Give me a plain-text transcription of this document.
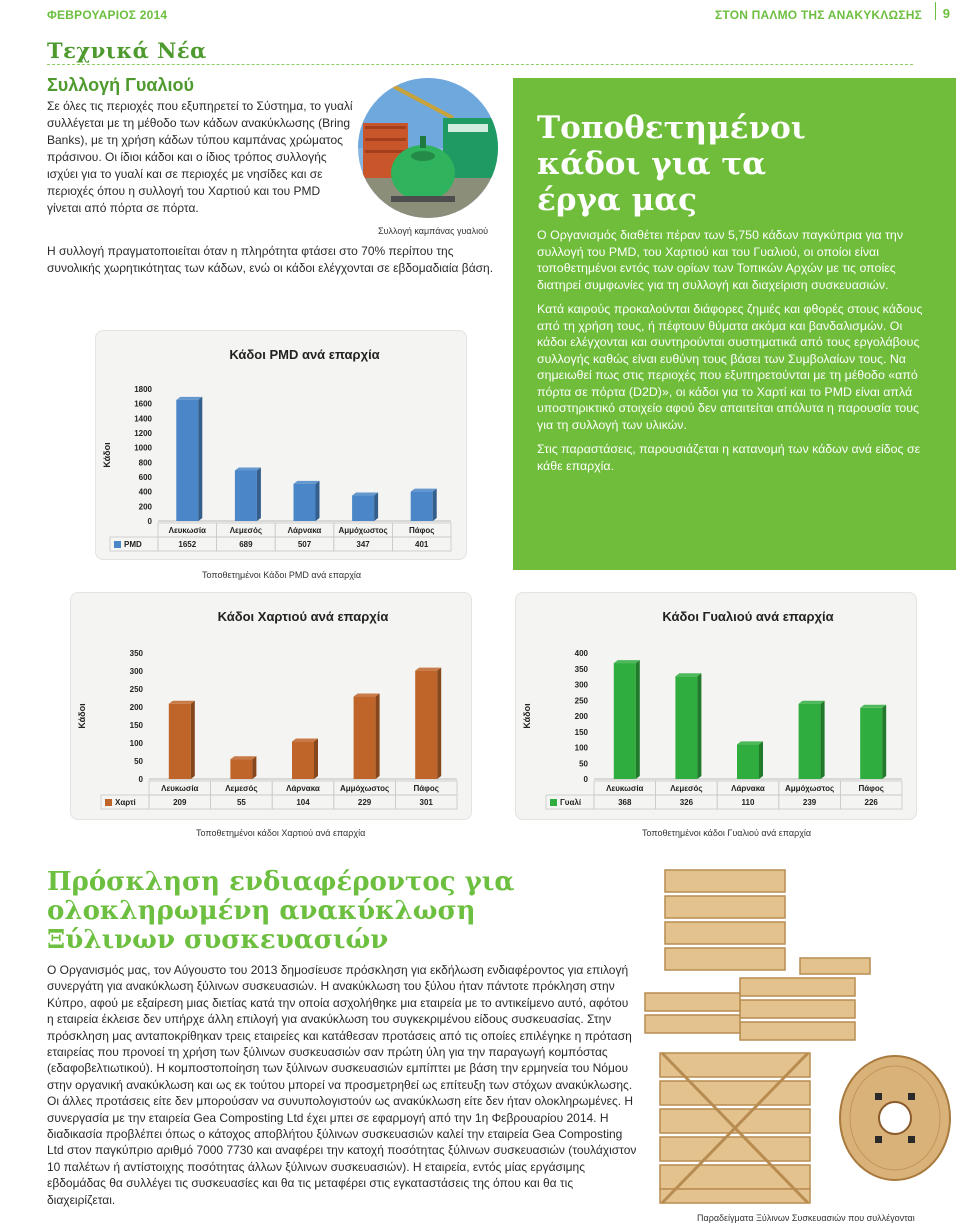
ΦΕΒΡΟΥΑΡΙΟΣ 2014	ΣΤΟΝ ΠΑΛΜΟ ΤΗΣ ΑΝΑΚΥΚΛΩΣΗΣ 9
Τεχνικά Νέα
Συλλογή Γυαλιού
Σε όλες τις περιοχές που εξυπηρετεί το Σύστημα, το γυαλί συλλέγεται με τη μέθοδο των κάδων ανακύκλωσης (Bring Banks), με τη χρήση κάδων τύπου καμπάνας χρώματος πράσινου. Οι ίδιοι κάδοι και ο ίδιος τρόπος συλλογής ισχύει για το γυαλί και σε περιοχές με νησίδες και σε περιοχές όπου η συλλογή του Χαρτιού και του PMD γίνεται από πόρτα σε πόρτα.
Η συλλογή πραγματοποιείται όταν η πληρότητα φτάσει στο 70% περίπου της συνολικής χωρητικότητας των κάδων, ενώ οι κάδοι ελέγχονται σε εβδομαδιαία βάση.
Συλλογή καμπάνας γυαλιού
Τοποθετημένοι κάδοι για τα έργα μας

Ο Οργανισμός διαθέτει πέραν των 5,750 κάδων παγκύπρια για την συλλογή του PMD, του Χαρτιού και του Γυαλιού, οι οποίοι είναι τοποθετημένοι εντός των ορίων των Τοπικών Αρχών με τις οποίες διατηρεί συμφωνίες για τη συλλογή και διαχείριση συσκευασιών.

Κατά καιρούς προκαλούνται διάφορες ζημιές και φθορές στους κάδους από τη χρήση τους, ή πέφτουν θύματα ακόμα και βανδαλισμών. Οι κάδοι ελέγχονται και συντηρούνται συστηματικά από τους εργολάβους συλλογής καθώς είναι ευθύνη τους βάσει των Συμβολαίων τους. Να σημειωθεί πως στις περιοχές που εξυπηρετούνται με τη μέθοδο «από πόρτα σε πόρτα (D2D)», οι κάδοι για το Χαρτί και το PMD είναι απλά υποστηρικτικό στοιχείο αφού δεν απαιτείται απόλυτα η παρουσία τους για τη συλλογή των υλικών.

Στις παραστάσεις, παρουσιάζεται η κατανομή των κάδων ανά είδος σε κάθε επαρχία.

Κάδοι PMD ανά επαρχία
Κάδοι
0
200
400
600
800
1000
1200
1400
1600
1800
Λευκωσία
1652
Λεμεσός
689
Λάρνακα
507
Αμμόχωστος
347
Πάφος
401
PMD
Τοποθετημένοι Κάδοι PMD ανά επαρχία
Κάδοι Χαρτιού ανά επαρχία
Κάδοι
0
50
100
150
200
250
300
350
Λευκωσία
209
Λεμεσός
55
Λάρνακα
104
Αμμόχωστος
229
Πάφος
301
Χαρτί
Τοποθετημένοι κάδοι Χαρτιού ανά επαρχία
Κάδοι Γυαλιού ανά επαρχία
Κάδοι
0
50
100
150
200
250
300
350
400
Λευκωσία
368
Λεμεσός
326
Λάρνακα
110
Αμμόχωστος
239
Πάφος
226
Γυαλί
Τοποθετημένοι κάδοι Γυαλιού ανά επαρχία
Πρόσκληση ενδιαφέροντος για ολοκληρωμένη ανακύκλωση Ξύλινων συσκευασιών
Ο Οργανισμός μας, τον Αύγουστο του 2013 δημοσίευσε πρόσκληση για εκδήλωση ενδιαφέροντος για επιλογή συνεργάτη για ανακύκλωση ξύλινων συσκευασιών. Η ανακύκλωση του ξύλου ήταν πάντοτε πρόκληση στην Κύπρο, αφού με εξαίρεση μιας διετίας κατά την οποία ασχολήθηκε μια εταιρεία με το αντικείμενο αυτό, αφότου η εταιρεία έκλεισε δεν υπήρχε άλλη επιλογή για ανακύκλωση του συγκεκριμένου είδους συσκευασίας. Στην πρόσκληση μας ανταποκρίθηκαν τρεις εταιρείες και κατάθεσαν προτάσεις από τις οποίες επιλέγηκε η πρόταση εταιρείας που προνοεί τη χρήση των ξύλινων συσκευασιών σαν πρώτη ύλη για την παραγωγή κομπόστας (εδαφοβελτιωτικού). Η κομποστοποίηση των ξύλινων συσκευασιών εμπίπτει με βάση την ερμηνεία του Νόμου στην οργανική ανακύκλωση και ως εκ τούτου μπορεί να προσμετρηθεί ως επίτευξη των στόχων ανακύκλωσης. Οι άλλες προτάσεις είτε δεν μπορούσαν να συνυπολογιστούν ως ανακύκλωση είτε δεν ήταν ολοκληρωμένες. Η συνεργασία με την εταιρεία Gea Composting Ltd έχει μπει σε εφαρμογή από την 1η Φεβρουαρίου 2014. Η διαδικασία προβλέπει όπως ο κάτοχος αποβλήτου ξύλινων συσκευασιών καλεί την εταιρεία Gea Composting Ltd στον παγκύπριο αριθμό 7000 7730 και αναφέρει την κατοχή ποσότητας ξύλινων συσκευασιών (τουλάχιστον 10 παλέτων ή αντίστοιχης ποσότητας άλλων ξύλινων συσκευασιών). Η εταιρεία, εντός μίας εργάσιμης εβδομάδας θα συλλέγει τις συσκευασίες και θα τις μεταφέρει στις εγκαταστάσεις της όπου και θα τις διαχειρίζεται.
Παραδείγματα Ξύλινων Συσκευασιών που συλλέγονται
